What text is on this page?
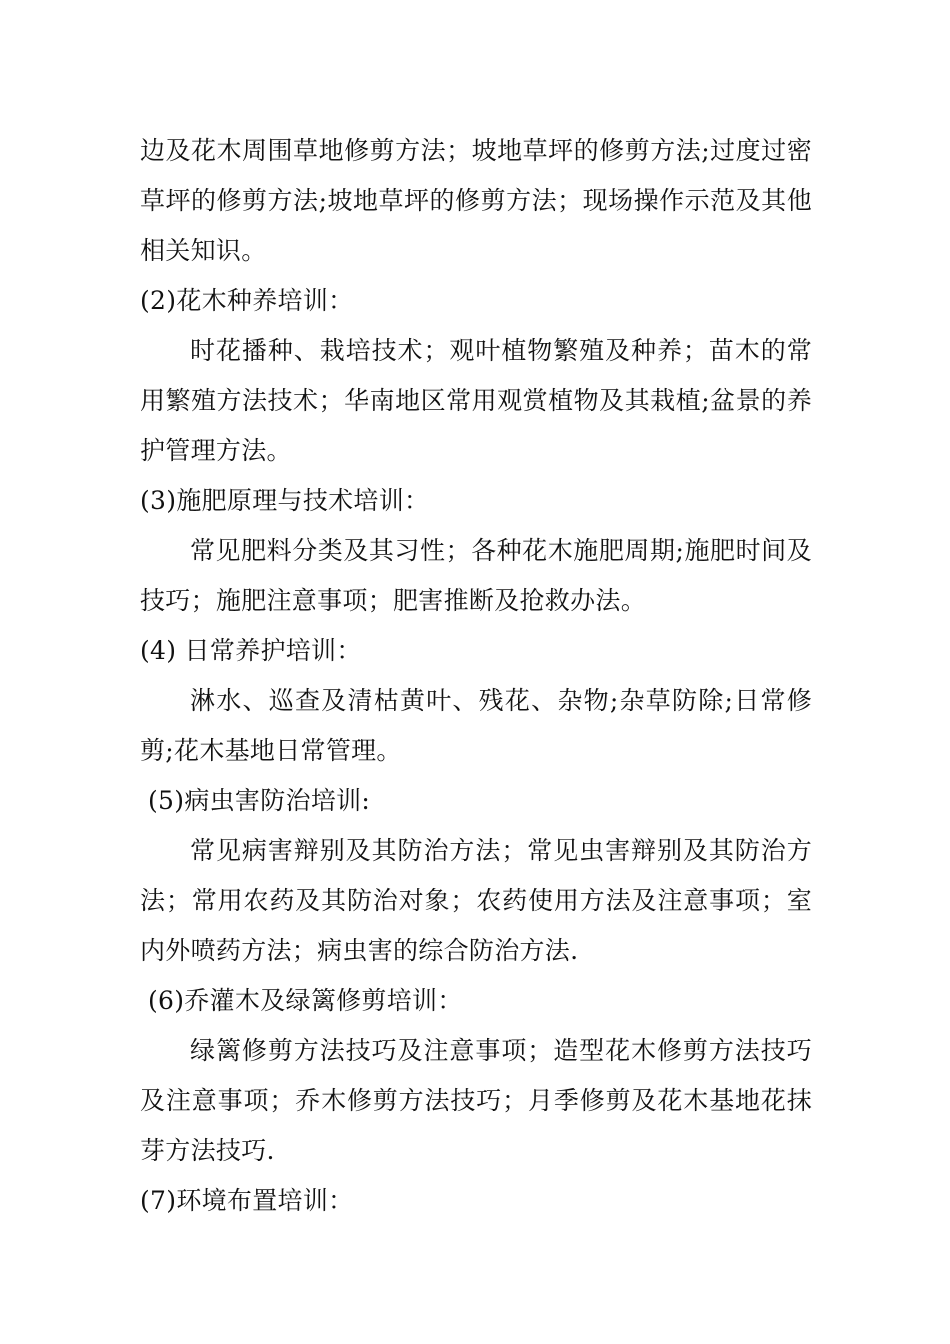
边及花木周围草地修剪方法；坡地草坪的修剪方法;过度过密草坪的修剪方法;坡地草坪的修剪方法；现场操作示范及其他相关知识。

(2)花木种养培训：

时花播种、栽培技术；观叶植物繁殖及种养；苗木的常用繁殖方法技术；华南地区常用观赏植物及其栽植;盆景的养护管理方法。

(3)施肥原理与技术培训：

常见肥料分类及其习性；各种花木施肥周期;施肥时间及技巧；施肥注意事项；肥害推断及抢救办法。

(4) 日常养护培训：

淋水、巡查及清枯黄叶、残花、杂物;杂草防除;日常修剪;花木基地日常管理。

(5)病虫害防治培训:

常见病害辩别及其防治方法；常见虫害辩别及其防治方法；常用农药及其防治对象；农药使用方法及注意事项；室内外喷药方法；病虫害的综合防治方法.

(6)乔灌木及绿篱修剪培训：

绿篱修剪方法技巧及注意事项；造型花木修剪方法技巧及注意事项；乔木修剪方法技巧；月季修剪及花木基地花抹芽方法技巧.

(7)环境布置培训：
